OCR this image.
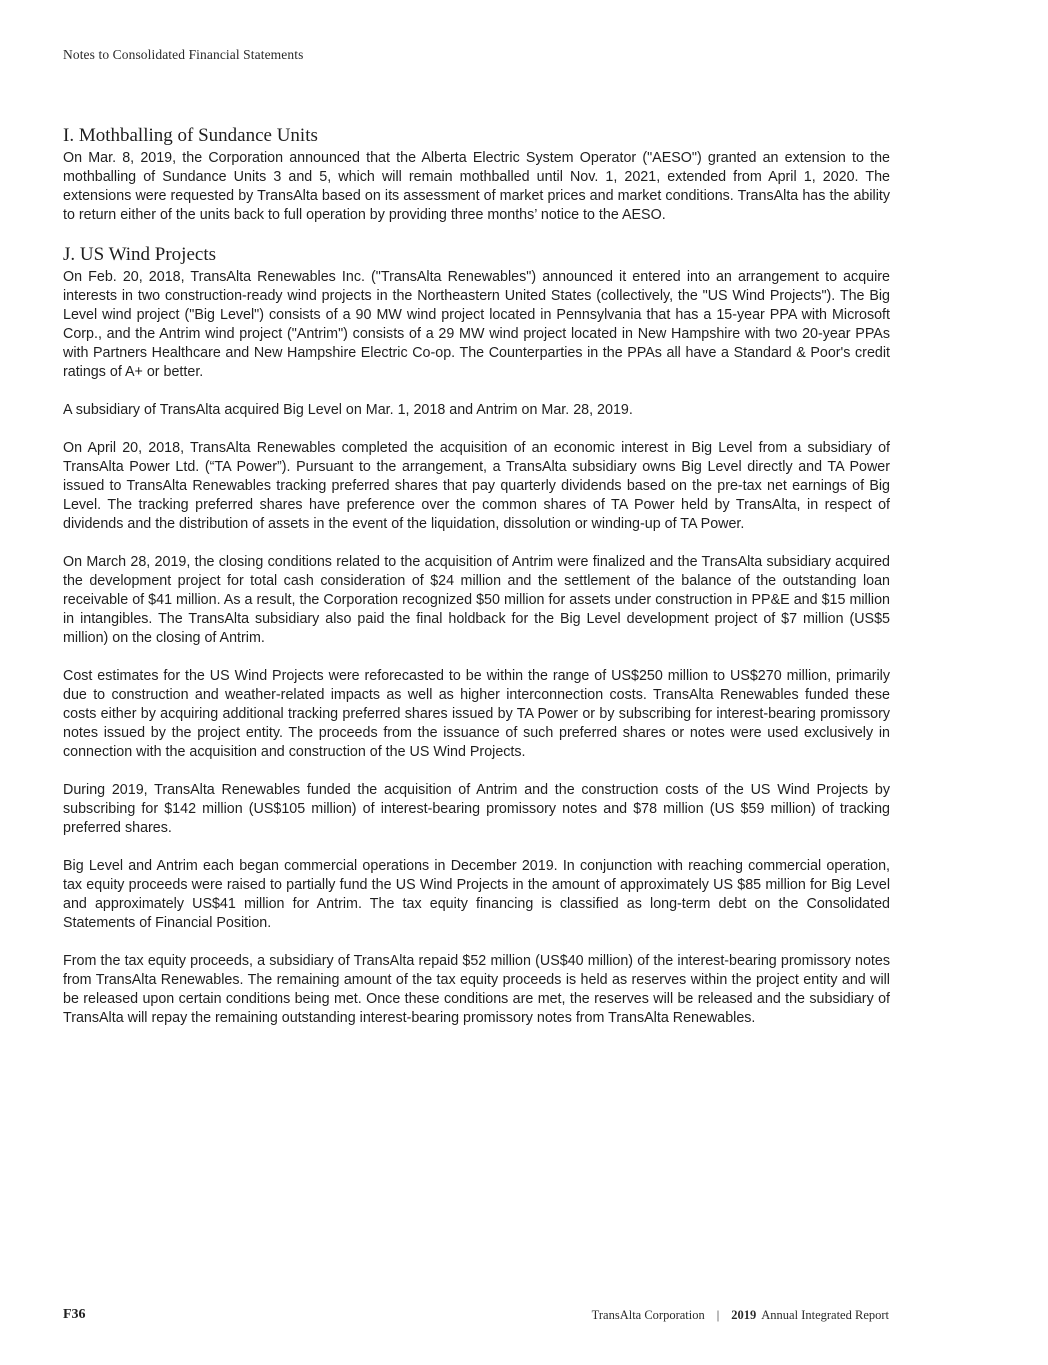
Notes to Consolidated Financial Statements
I. Mothballing of Sundance Units

On Mar. 8, 2019, the Corporation announced that the Alberta Electric System Operator ("AESO") granted an extension to the mothballing of Sundance Units 3 and 5, which will remain mothballed until Nov. 1, 2021, extended from April 1, 2020. The extensions were requested by TransAlta based on its assessment of market prices and market conditions. TransAlta has the ability to return either of the units back to full operation by providing three months’ notice to the AESO.

J. US Wind Projects

On Feb. 20, 2018, TransAlta Renewables Inc. ("TransAlta Renewables") announced it entered into an arrangement to acquire interests in two construction-ready wind projects in the Northeastern United States (collectively, the "US Wind Projects"). The Big Level wind project ("Big Level") consists of a 90 MW wind project located in Pennsylvania that has a 15-year PPA with Microsoft Corp., and the Antrim wind project ("Antrim") consists of a 29 MW wind project located in New Hampshire with two 20-year PPAs with Partners Healthcare and New Hampshire Electric Co-op. The Counterparties in the PPAs all have a Standard & Poor's credit ratings of A+ or better.

A subsidiary of TransAlta acquired Big Level on Mar. 1, 2018 and Antrim on Mar. 28, 2019.

On April 20, 2018, TransAlta Renewables completed the acquisition of an economic interest in Big Level from a subsidiary of TransAlta Power Ltd. (“TA Power”). Pursuant to the arrangement, a TransAlta subsidiary owns Big Level directly and TA Power issued to TransAlta Renewables tracking preferred shares that pay quarterly dividends based on the pre-tax net earnings of Big Level. The tracking preferred shares have preference over the common shares of TA Power held by TransAlta, in respect of dividends and the distribution of assets in the event of the liquidation, dissolution or winding-up of TA Power.

On March 28, 2019, the closing conditions related to the acquisition of Antrim were finalized and the TransAlta subsidiary acquired the development project for total cash consideration of $24 million and the settlement of the balance of the outstanding loan receivable of $41 million. As a result, the Corporation recognized $50 million for assets under construction in PP&E and $15 million in intangibles. The TransAlta subsidiary also paid the final holdback for the Big Level development project of $7 million (US$5 million) on the closing of Antrim.

Cost estimates for the US Wind Projects were reforecasted to be within the range of US$250 million to US$270 million, primarily due to construction and weather-related impacts as well as higher interconnection costs. TransAlta Renewables funded these costs either by acquiring additional tracking preferred shares issued by TA Power or by subscribing for interest-bearing promissory notes issued by the project entity. The proceeds from the issuance of such preferred shares or notes were used exclusively in connection with the acquisition and construction of the US Wind Projects.

During 2019, TransAlta Renewables funded the acquisition of Antrim and the construction costs of the US Wind Projects by subscribing for $142 million (US$105 million) of interest-bearing promissory notes and $78 million (US $59 million) of tracking preferred shares.

Big Level and Antrim each began commercial operations in December 2019. In conjunction with reaching commercial operation, tax equity proceeds were raised to partially fund the US Wind Projects in the amount of approximately US $85 million for Big Level and approximately US$41 million for Antrim. The tax equity financing is classified as long-term debt on the Consolidated Statements of Financial Position.

From the tax equity proceeds, a subsidiary of TransAlta repaid $52 million (US$40 million) of the interest-bearing promissory notes from TransAlta Renewables. The remaining amount of the tax equity proceeds is held as reserves within the project entity and will be released upon certain conditions being met. Once these conditions are met, the reserves will be released and the subsidiary of TransAlta will repay the remaining outstanding interest-bearing promissory notes from TransAlta Renewables.

F36	TransAlta Corporation | 2019 Annual Integrated Report
